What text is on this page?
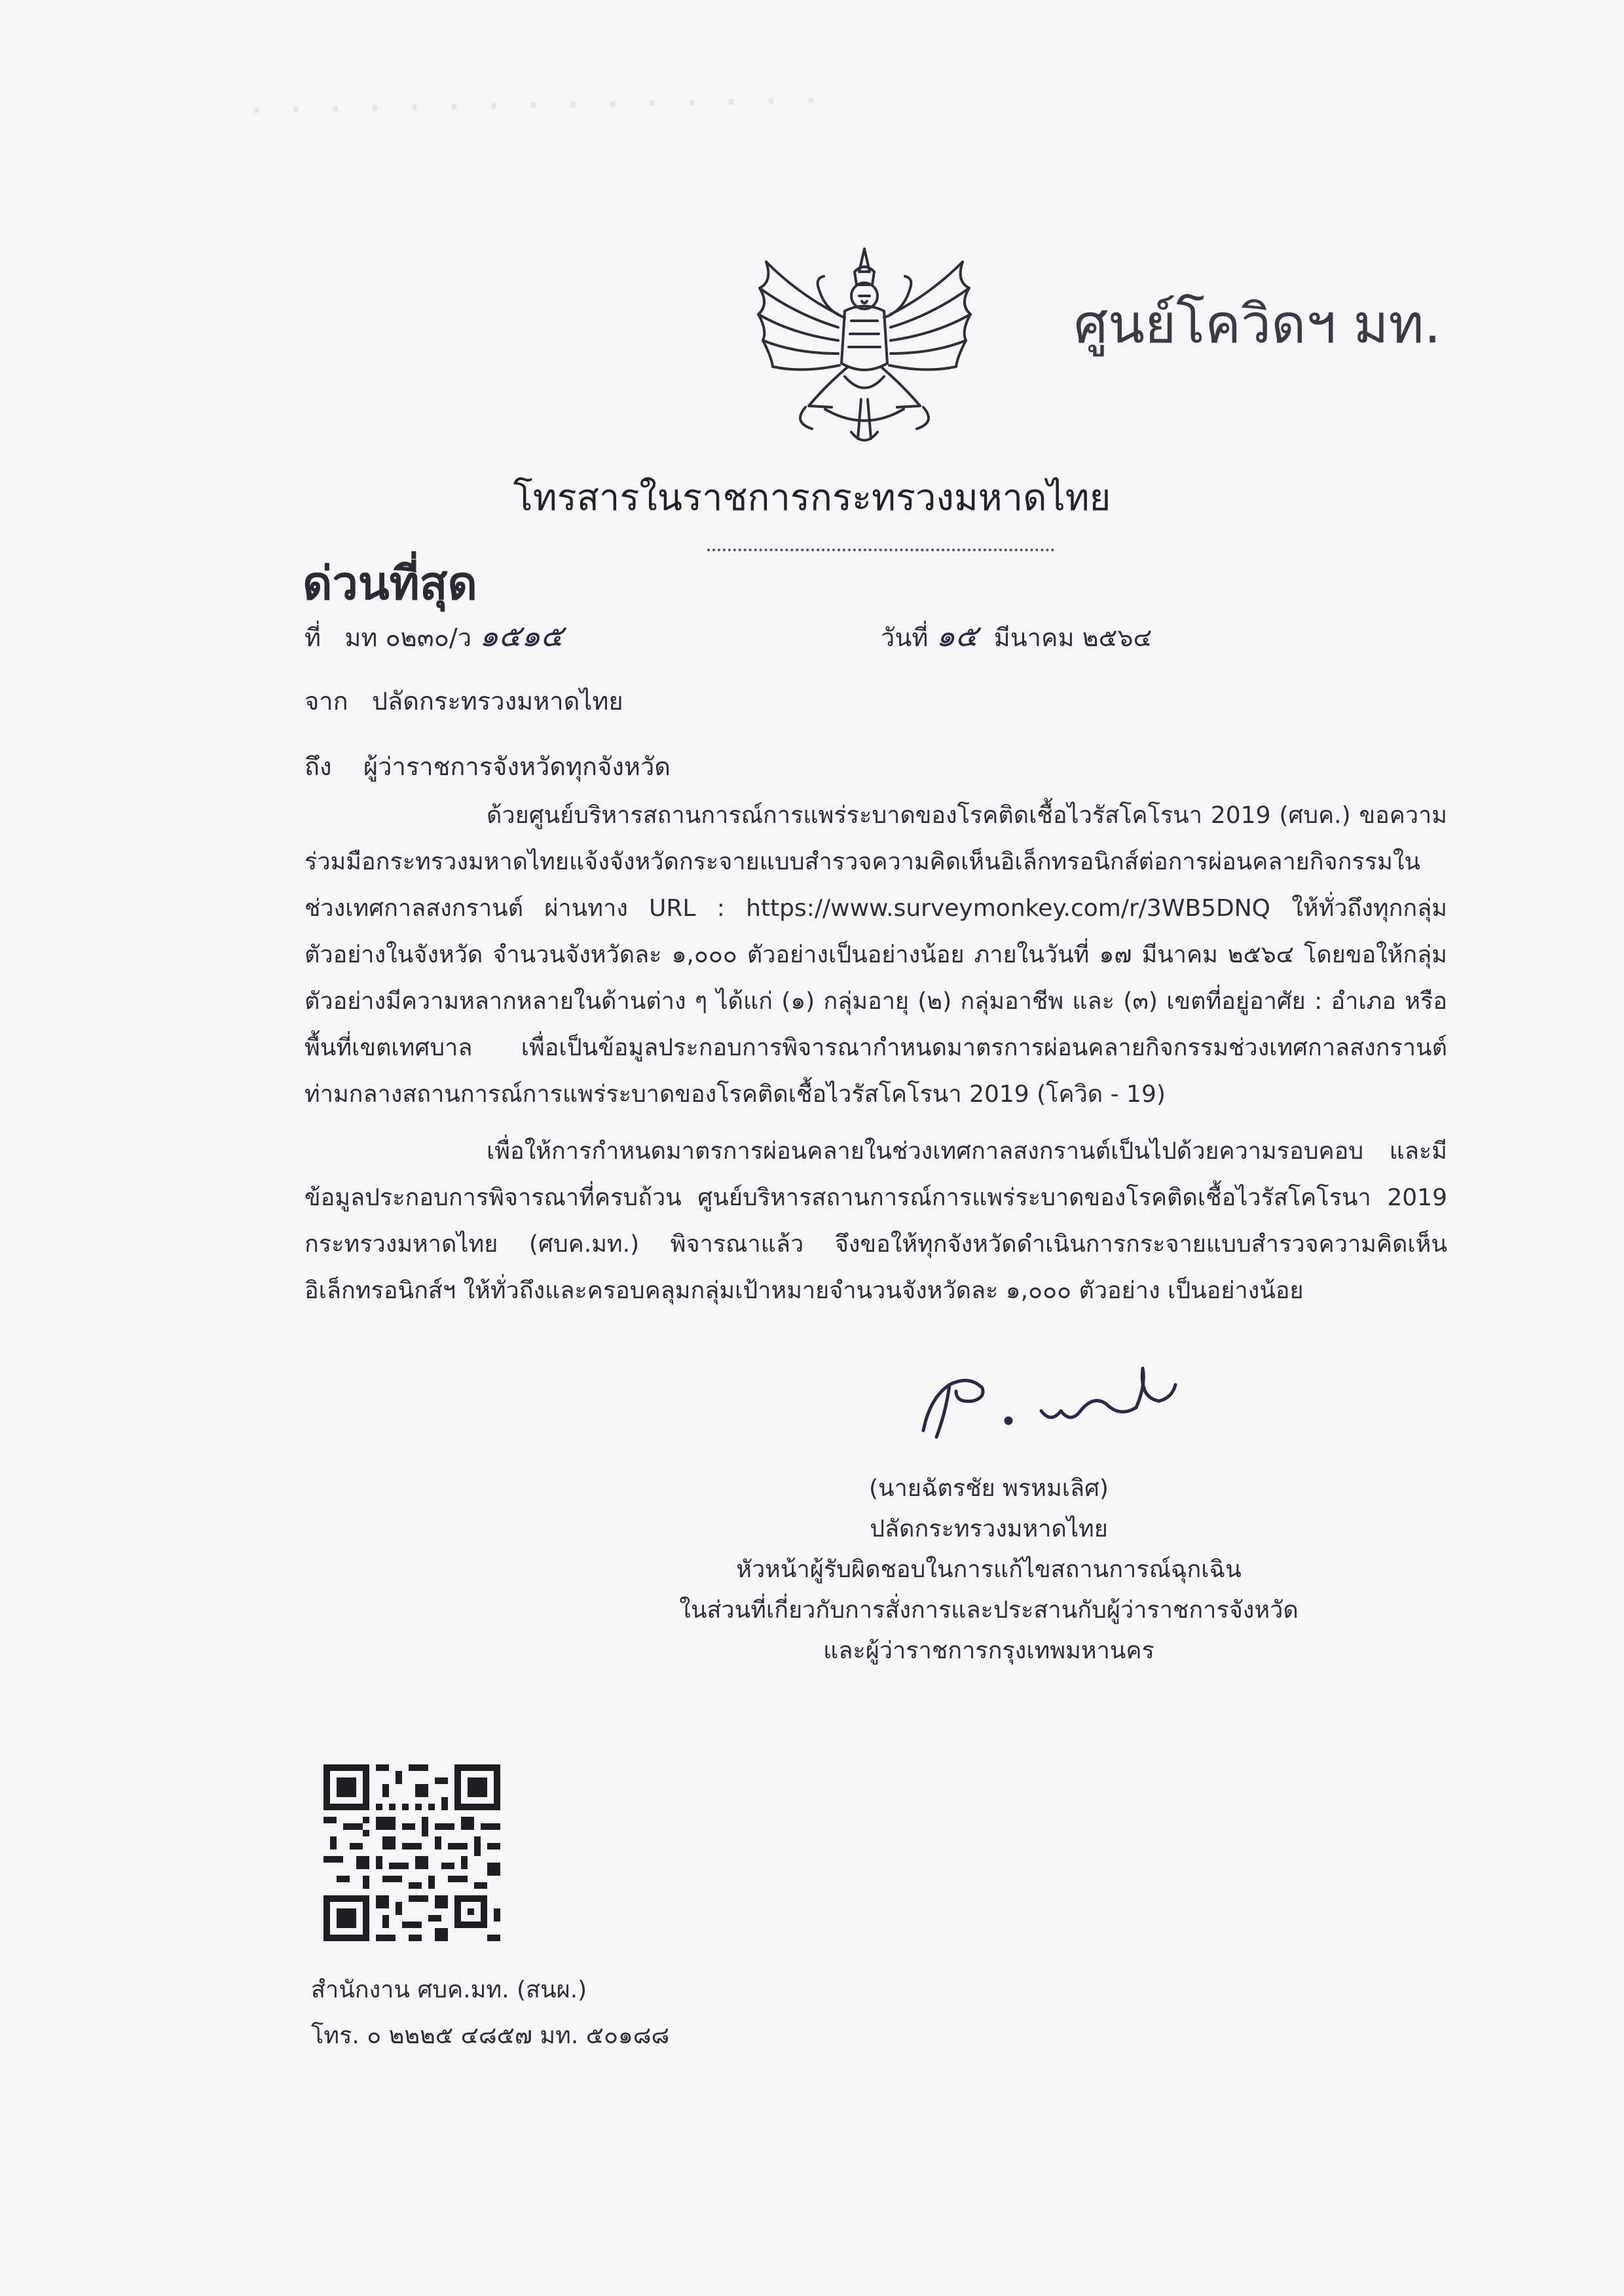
· · · · · · · · · · · · · · ·
ศูนย์โควิดฯ มท.
โทรสารในราชการกระทรวงมหาดไทย
ด่วนที่สุด
ที่ มท ๐๒๓๐/ว ๑๕๑๕	วันที่ ๑๕ มีนาคม ๒๕๖๔
จาก ปลัดกระทรวงมหาดไทย
ถึง ผู้ว่าราชการจังหวัดทุกจังหวัด

ด้วยศูนย์บริหารสถานการณ์การแพร่ระบาดของโรคติดเชื้อไวรัสโคโรนา 2019 (ศบค.) ขอความร่วมมือกระทรวงมหาดไทยแจ้งจังหวัดกระจายแบบสำรวจความคิดเห็นอิเล็กทรอนิกส์ต่อการผ่อนคลายกิจกรรมในช่วงเทศกาลสงกรานต์ ผ่านทาง URL : https://www.surveymonkey.com/r/3WB5DNQ ให้ทั่วถึงทุกกลุ่มตัวอย่างในจังหวัด จำนวนจังหวัดละ ๑,๐๐๐ ตัวอย่างเป็นอย่างน้อย ภายในวันที่ ๑๗ มีนาคม ๒๕๖๔ โดยขอให้กลุ่มตัวอย่างมีความหลากหลายในด้านต่าง ๆ ได้แก่ (๑) กลุ่มอายุ (๒) กลุ่มอาชีพ และ (๓) เขตที่อยู่อาศัย : อำเภอ หรือพื้นที่เขตเทศบาล เพื่อเป็นข้อมูลประกอบการพิจารณากำหนดมาตรการผ่อนคลายกิจกรรมช่วงเทศกาลสงกรานต์ท่ามกลางสถานการณ์การแพร่ระบาดของโรคติดเชื้อไวรัสโคโรนา 2019 (โควิด - 19)

เพื่อให้การกำหนดมาตรการผ่อนคลายในช่วงเทศกาลสงกรานต์เป็นไปด้วยความรอบคอบ และมีข้อมูลประกอบการพิจารณาที่ครบถ้วน ศูนย์บริหารสถานการณ์การแพร่ระบาดของโรคติดเชื้อไวรัสโคโรนา 2019 กระทรวงมหาดไทย (ศบค.มท.) พิจารณาแล้ว จึงขอให้ทุกจังหวัดดำเนินการกระจายแบบสำรวจความคิดเห็นอิเล็กทรอนิกส์ฯ ให้ทั่วถึงและครอบคลุมกลุ่มเป้าหมายจำนวนจังหวัดละ ๑,๐๐๐ ตัวอย่าง เป็นอย่างน้อย

(นายฉัตรชัย พรหมเลิศ)
ปลัดกระทรวงมหาดไทย
หัวหน้าผู้รับผิดชอบในการแก้ไขสถานการณ์ฉุกเฉิน
ในส่วนที่เกี่ยวกับการสั่งการและประสานกับผู้ว่าราชการจังหวัด
และผู้ว่าราชการกรุงเทพมหานคร
สำนักงาน ศบค.มท. (สนผ.)
โทร. ๐ ๒๒๒๕ ๔๘๕๗ มท. ๕๐๑๘๘
